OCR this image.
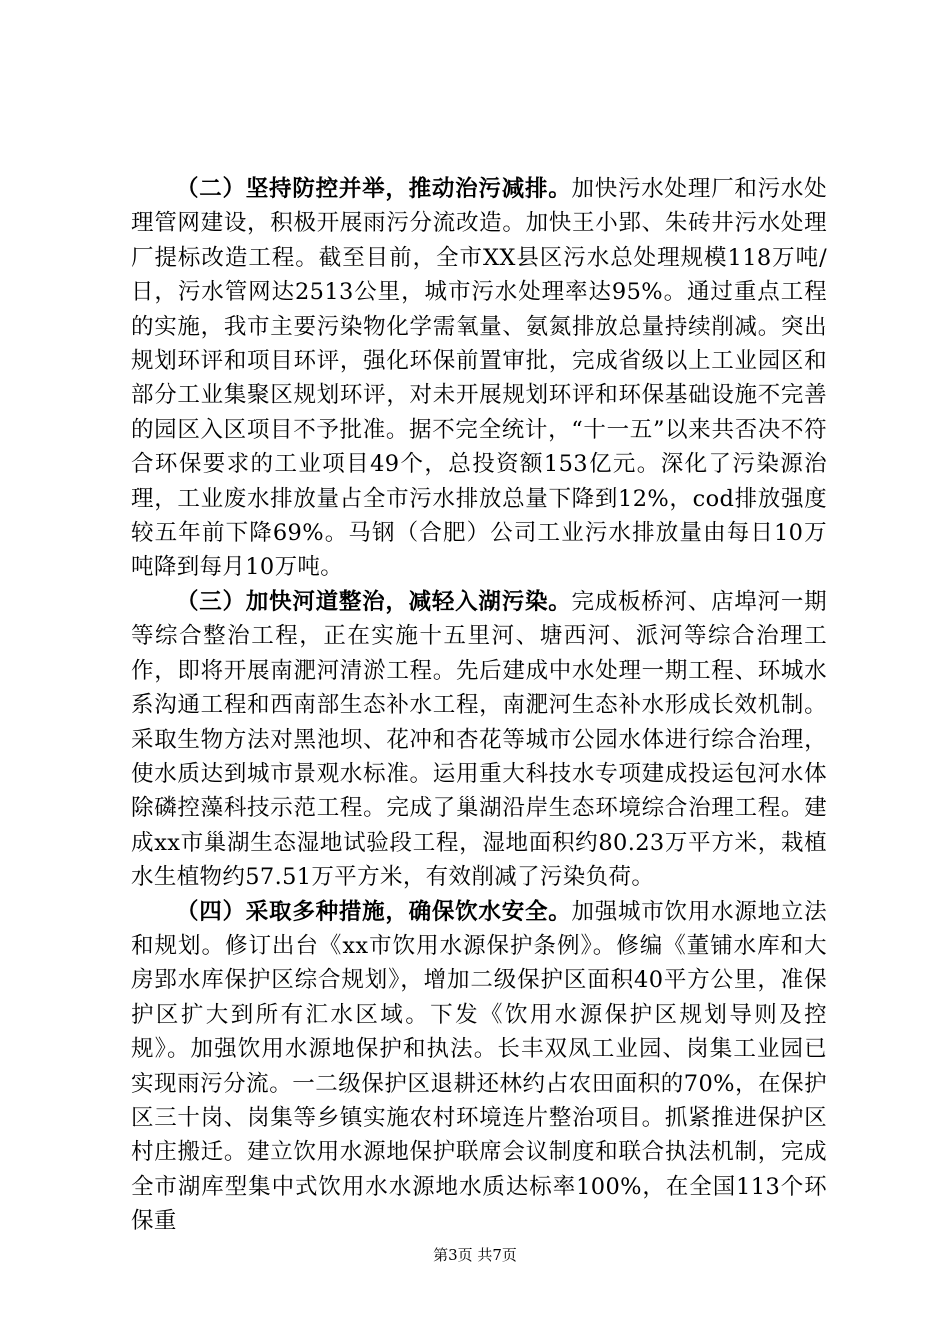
（二）坚持防控并举，推动治污减排。加快污水处理厂和污水处理管网建设，积极开展雨污分流改造。加快王小郢、朱砖井污水处理厂提标改造工程。截至目前，全市XX县区污水总处理规模118万吨/日，污水管网达2513公里，城市污水处理率达95%。通过重点工程的实施，我市主要污染物化学需氧量、氨氮排放总量持续削减。突出规划环评和项目环评，强化环保前置审批，完成省级以上工业园区和部分工业集聚区规划环评，对未开展规划环评和环保基础设施不完善的园区入区项目不予批准。据不完全统计，“十一五”以来共否决不符合环保要求的工业项目49个，总投资额153亿元。深化了污染源治理，工业废水排放量占全市污水排放总量下降到12%，cod排放强度较五年前下降69%。马钢（合肥）公司工业污水排放量由每日10万吨降到每月10万吨。

（三）加快河道整治，减轻入湖污染。完成板桥河、店埠河一期等综合整治工程，正在实施十五里河、塘西河、派河等综合治理工作，即将开展南淝河清淤工程。先后建成中水处理一期工程、环城水系沟通工程和西南部生态补水工程，南淝河生态补水形成长效机制。采取生物方法对黑池坝、花冲和杏花等城市公园水体进行综合治理，使水质达到城市景观水标准。运用重大科技水专项建成投运包河水体除磷控藻科技示范工程。完成了巢湖沿岸生态环境综合治理工程。建成xx市巢湖生态湿地试验段工程，湿地面积约80.23万平方米，栽植水生植物约57.51万平方米，有效削减了污染负荷。

（四）采取多种措施，确保饮水安全。加强城市饮用水源地立法和规划。修订出台《xx市饮用水源保护条例》。修编《董铺水库和大房郢水库保护区综合规划》，增加二级保护区面积40平方公里，准保护区扩大到所有汇水区域。下发《饮用水源保护区规划导则及控规》。加强饮用水源地保护和执法。长丰双凤工业园、岗集工业园已实现雨污分流。一二级保护区退耕还林约占农田面积的70%，在保护区三十岗、岗集等乡镇实施农村环境连片整治项目。抓紧推进保护区村庄搬迁。建立饮用水源地保护联席会议制度和联合执法机制，完成全市湖库型集中式饮用水水源地水质达标率100%，在全国113个环保重

第3页 共7页
